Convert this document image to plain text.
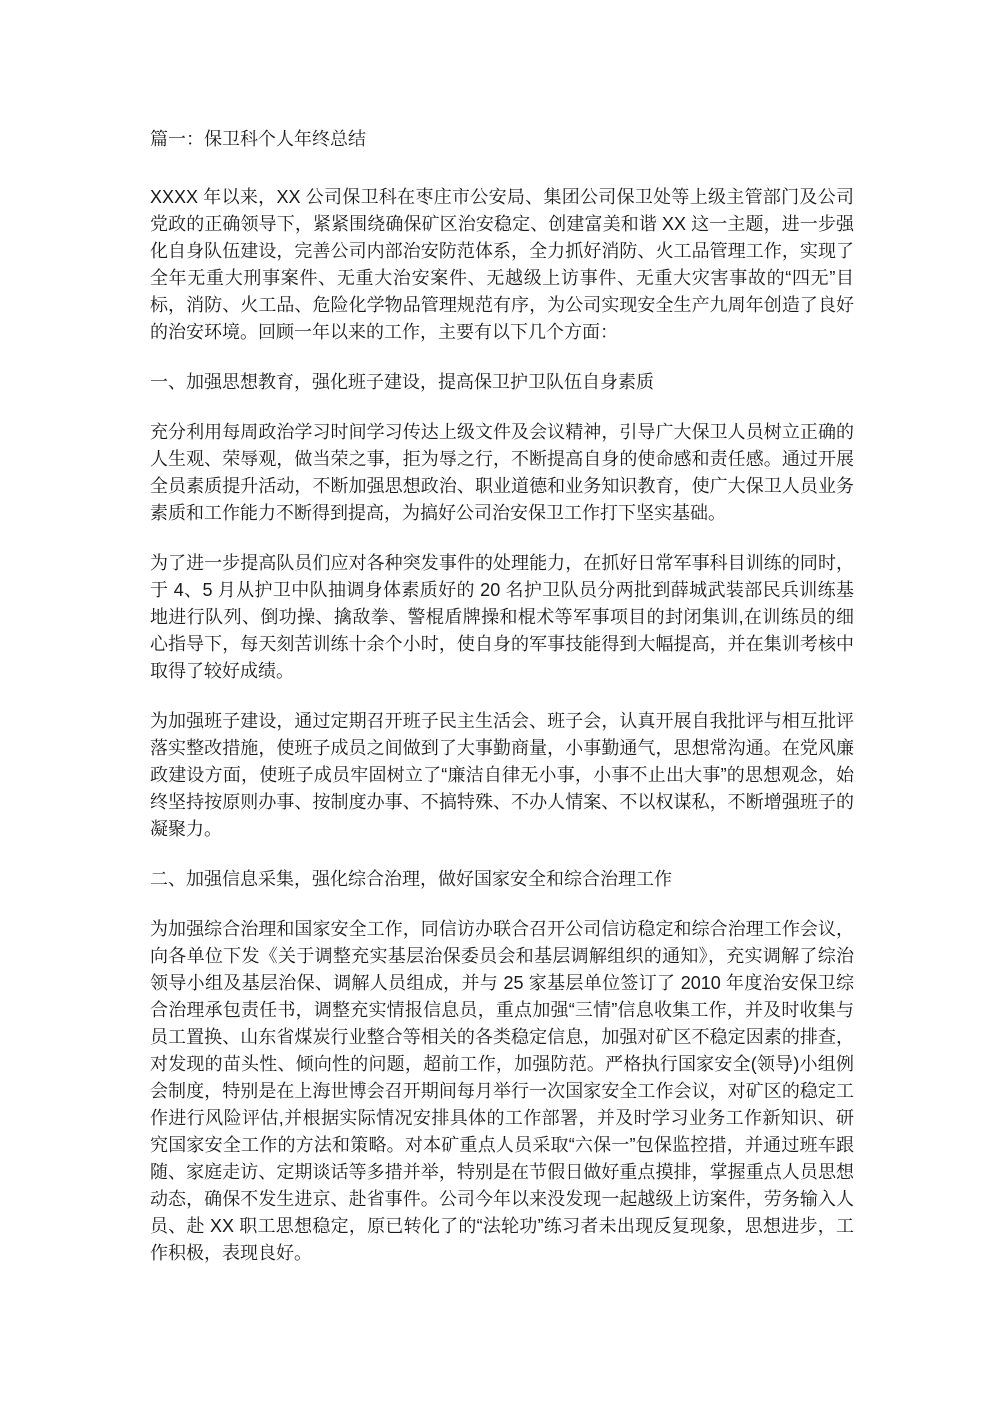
篇一：保卫科个人年终总结

XXXX 年以来，XX 公司保卫科在枣庄市公安局、集团公司保卫处等上级主管部门及公司党政的正确领导下，紧紧围绕确保矿区治安稳定、创建富美和谐 XX 这一主题，进一步强化自身队伍建设，完善公司内部治安防范体系，全力抓好消防、火工品管理工作，实现了全年无重大刑事案件、无重大治安案件、无越级上访事件、无重大灾害事故的“四无”目标，消防、火工品、危险化学物品管理规范有序，为公司实现安全生产九周年创造了良好的治安环境。回顾一年以来的工作，主要有以下几个方面：

一、加强思想教育，强化班子建设，提高保卫护卫队伍自身素质

充分利用每周政治学习时间学习传达上级文件及会议精神，引导广大保卫人员树立正确的人生观、荣辱观，做当荣之事，拒为辱之行，不断提高自身的使命感和责任感。通过开展全员素质提升活动，不断加强思想政治、职业道德和业务知识教育，使广大保卫人员业务素质和工作能力不断得到提高，为搞好公司治安保卫工作打下坚实基础。

为了进一步提高队员们应对各种突发事件的处理能力，在抓好日常军事科目训练的同时，于 4、5 月从护卫中队抽调身体素质好的 20 名护卫队员分两批到薛城武装部民兵训练基地进行队列、倒功操、擒敌拳、警棍盾牌操和棍术等军事项目的封闭集训,在训练员的细心指导下，每天刻苦训练十余个小时，使自身的军事技能得到大幅提高，并在集训考核中取得了较好成绩。

为加强班子建设，通过定期召开班子民主生活会、班子会，认真开展自我批评与相互批评落实整改措施，使班子成员之间做到了大事勤商量，小事勤通气，思想常沟通。在党风廉政建设方面，使班子成员牢固树立了“廉洁自律无小事，小事不止出大事”的思想观念，始终坚持按原则办事、按制度办事、不搞特殊、不办人情案、不以权谋私，不断增强班子的凝聚力。

二、加强信息采集，强化综合治理，做好国家安全和综合治理工作

为加强综合治理和国家安全工作，同信访办联合召开公司信访稳定和综合治理工作会议，向各单位下发《关于调整充实基层治保委员会和基层调解组织的通知》，充实调解了综治领导小组及基层治保、调解人员组成，并与 25 家基层单位签订了 2010 年度治安保卫综合治理承包责任书，调整充实情报信息员，重点加强“三情”信息收集工作，并及时收集与员工置换、山东省煤炭行业整合等相关的各类稳定信息，加强对矿区不稳定因素的排查，对发现的苗头性、倾向性的问题，超前工作，加强防范。严格执行国家安全(领导)小组例会制度，特别是在上海世博会召开期间每月举行一次国家安全工作会议，对矿区的稳定工作进行风险评估,并根据实际情况安排具体的工作部署，并及时学习业务工作新知识、研究国家安全工作的方法和策略。对本矿重点人员采取“六保一”包保监控措，并通过班车跟随、家庭走访、定期谈话等多措并举，特别是在节假日做好重点摸排，掌握重点人员思想动态，确保不发生进京、赴省事件。公司今年以来没发现一起越级上访案件，劳务输入人员、赴 XX 职工思想稳定，原已转化了的“法轮功”练习者未出现反复现象，思想进步，工作积极，表现良好。
